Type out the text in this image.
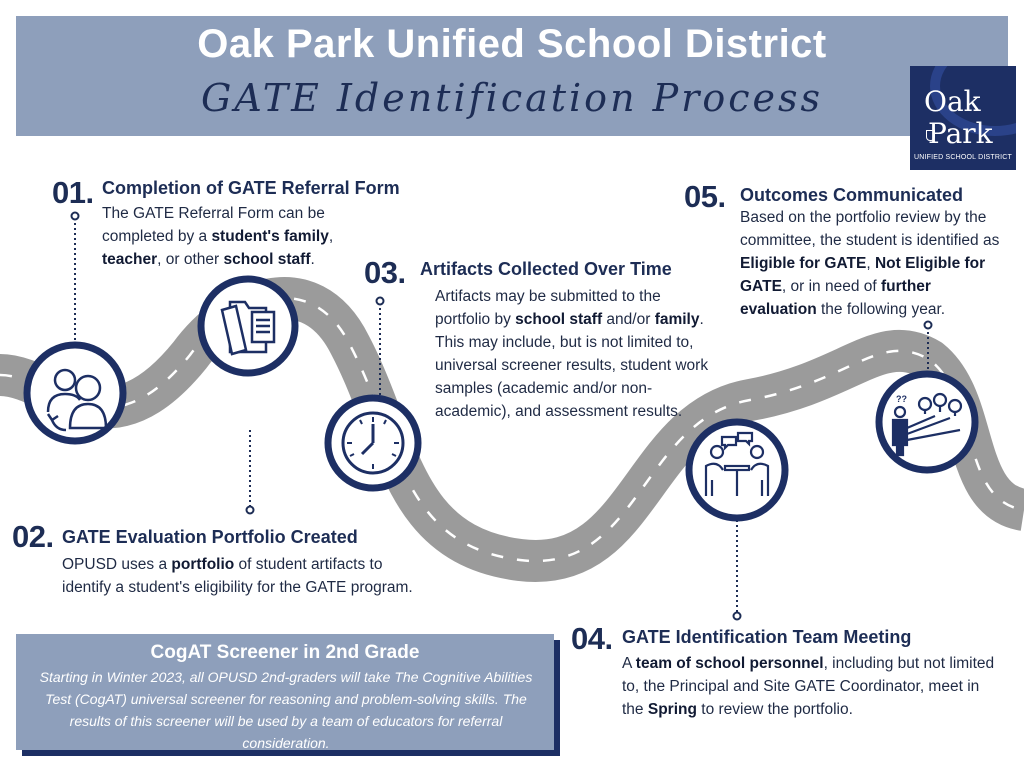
??
Oak Park Unified School District
GATE Identification Process	Oak
Park
UNIFIED SCHOOL DISTRICT
01. Completion of GATE Referral Form
The GATE Referral Form can be completed by a student's family, teacher, or other school staff.
02. GATE Evaluation Portfolio Created
OPUSD uses a portfolio of student artifacts to identify a student's eligibility for the GATE program.
03. Artifacts Collected Over Time
Artifacts may be submitted to the portfolio by school staff and/or family. This may include, but is not limited to, universal screener results, student work samples (academic and/or non-academic), and assessment results.
04. GATE Identification Team Meeting
A team of school personnel, including but not limited to, the Principal and Site GATE Coordinator, meet in the Spring to review the portfolio.
05. Outcomes Communicated
Based on the portfolio review by the committee, the student is identified as Eligible for GATE, Not Eligible for GATE, or in need of further evaluation the following year.
CogAT Screener in 2nd Grade
Starting in Winter 2023, all OPUSD 2nd-graders will take The Cognitive Abilities Test (CogAT) universal screener for reasoning and problem-solving skills. The results of this screener will be used by a team of educators for referral consideration.
